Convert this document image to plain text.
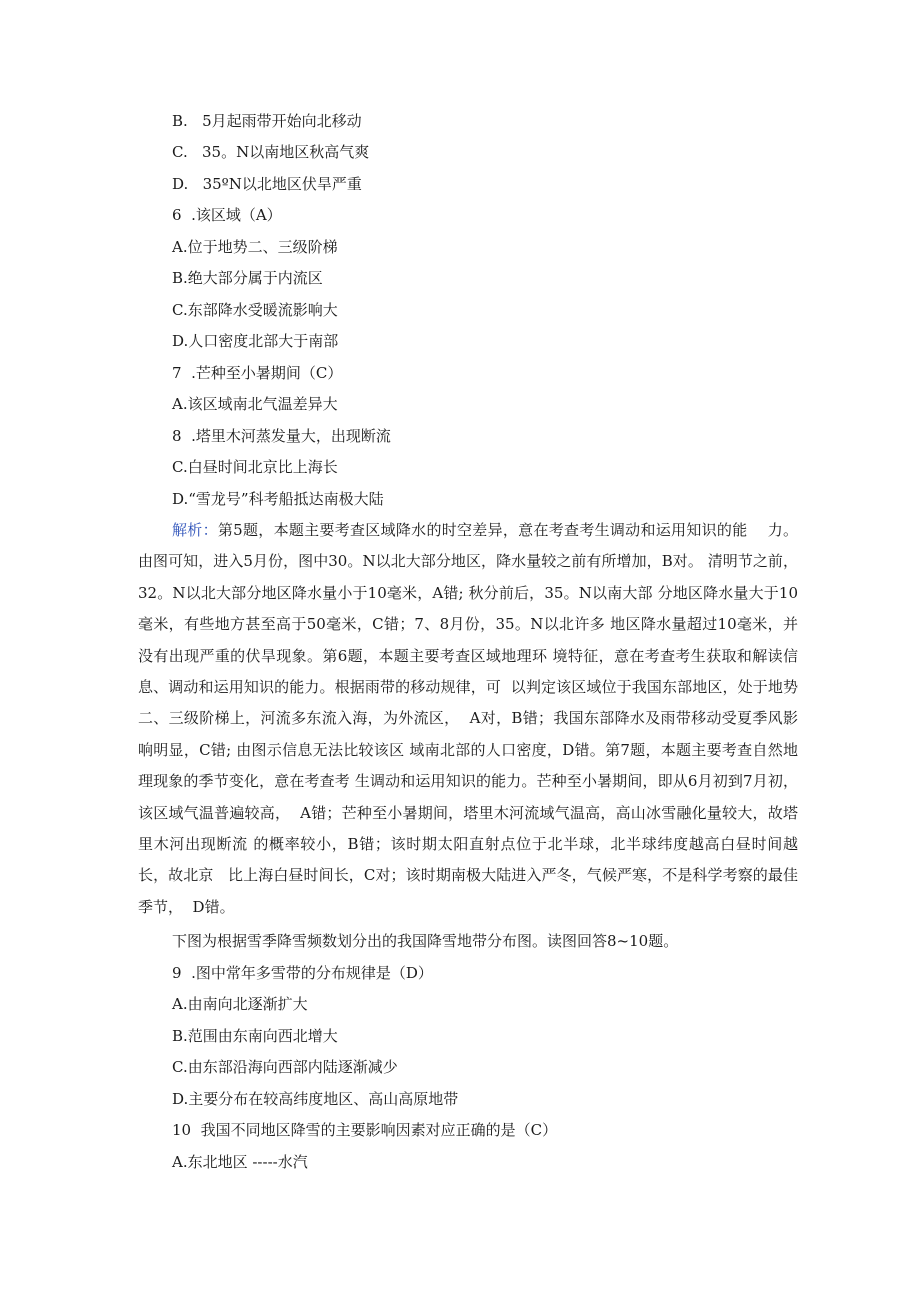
B.   5月起雨带开始向北移动
C.   35。N以南地区秋高气爽
D.   35ºN以北地区伏旱严重
6  .该区域（A）
A.位于地势二、三级阶梯
B.绝大部分属于内流区
C.东部降水受暖流影响大
D.人口密度北部大于南部
7  .芒种至小暑期间（C）
A.该区域南北气温差异大
8  .塔里木河蒸发量大，出现断流
C.白昼时间北京比上海长
D.“雪龙号”科考船抵达南极大陆
解析：第5题，本题主要考查区域降水的时空差异，意在考查考生调动和运用知识的能    力。由图可知，进入5月份，图中30。N以北大部分地区，降水量较之前有所增加，B对。 清明节之前，32。N以北大部分地区降水量小于10毫米，A错; 秋分前后，35。N以南大部 分地区降水量大于10毫米，有些地方甚至高于50毫米，C错；7、8月份，35。N以北许多 地区降水量超过10毫米，并没有出现严重的伏旱现象。第6题，本题主要考查区域地理环 境特征，意在考查考生获取和解读信息、调动和运用知识的能力。根据雨带的移动规律，可  以判定该区域位于我国东部地区，处于地势二、三级阶梯上，河流多东流入海，为外流区，  A对，B错；我国东部降水及雨带移动受夏季风影响明显，C错; 由图示信息无法比较该区 域南北部的人口密度，D错。第7题，本题主要考查自然地理现象的季节变化，意在考查考 生调动和运用知识的能力。芒种至小暑期间，即从6月初到7月初，该区域气温普遍较高，  A错；芒种至小暑期间，塔里木河流域气温高，高山冰雪融化量较大，故塔里木河出现断流 的概率较小，B错；该时期太阳直射点位于北半球，北半球纬度越高白昼时间越长，故北京   比上海白昼时间长，C对；该时期南极大陆进入严冬，气候严寒，不是科学考察的最佳季节，  D错。
下图为根据雪季降雪频数划分出的我国降雪地带分布图。读图回答8~10题。
9  .图中常年多雪带的分布规律是（D）
A.由南向北逐渐扩大
B.范围由东南向西北增大
C.由东部沿海向西部内陆逐渐减少
D.主要分布在较高纬度地区、高山高原地带
10  我国不同地区降雪的主要影响因素对应正确的是（C）
A.东北地区 -----水汽
